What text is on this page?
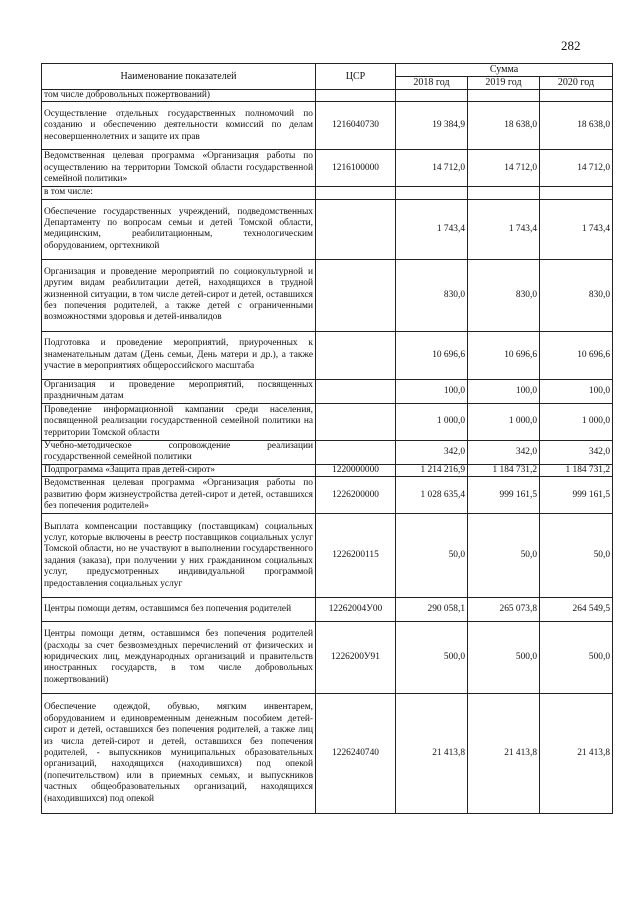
282
Наименование показателей	ЦСР	Сумма		
		2018 год	2019 год	2020 год
том числе добровольных пожертвований)				
Осуществление отдельных государственных полномочий по созданию и обеспечению деятельности комиссий по делам несовершеннолетних и защите их прав	1216040730	19 384,9	18 638,0	18 638,0
Ведомственная целевая программа «Организация работы по осуществлению на территории Томской области государственной семейной политики»	1216100000	14 712,0	14 712,0	14 712,0
в том числе:				
Обеспечение государственных учреждений, подведомственных Департаменту по вопросам семьи и детей Томской области, медицинским, реабилитационным, технологическим оборудованием, оргтехникой		1 743,4	1 743,4	1 743,4
Организация и проведение мероприятий по социокультурной и другим видам реабилитации детей, находящихся в трудной жизненной ситуации, в том числе детей-сирот и детей, оставшихся без попечения родителей, а также детей с ограниченными возможностями здоровья и детей-инвалидов		830,0	830,0	830,0
Подготовка и проведение мероприятий, приуроченных к знаменательным датам (День семьи, День матери и др.), а также участие в мероприятиях общероссийского масштаба		10 696,6	10 696,6	10 696,6
Организация и проведение мероприятий, посвященных праздничным датам		100,0	100,0	100,0
Проведение информационной кампании среди населения, посвященной реализации государственной семейной политики на территории Томской области		1 000,0	1 000,0	1 000,0
Учебно-методическое сопровождение реализации государственной семейной политики		342,0	342,0	342,0
Подпрограмма «Защита прав детей-сирот»	1220000000	1 214 216,9	1 184 731,2	1 184 731,2
Ведомственная целевая программа «Организация работы по развитию форм жизнеустройства детей-сирот и детей, оставшихся без попечения родителей»	1226200000	1 028 635,4	999 161,5	999 161,5
Выплата компенсации поставщику (поставщикам) социальных услуг, которые включены в реестр поставщиков социальных услуг Томской области, но не участвуют в выполнении государственного задания (заказа), при получении у них гражданином социальных услуг, предусмотренных индивидуальной программой предоставления социальных услуг	1226200115	50,0	50,0	50,0
Центры помощи детям, оставшимся без попечения родителей	12262004У00	290 058,1	265 073,8	264 549,5
Центры помощи детям, оставшимся без попечения родителей (расходы за счет безвозмездных перечислений от физических и юридических лиц, международных организаций и правительств иностранных государств, в том числе добровольных пожертвований)	1226200У91	500,0	500,0	500,0
Обеспечение одеждой, обувью, мягким инвентарем, оборудованием и единовременным денежным пособием детей-сирот и детей, оставшихся без попечения родителей, а также лиц из числа детей-сирот и детей, оставшихся без попечения родителей, - выпускников муниципальных образовательных организаций, находящихся (находившихся) под опекой (попечительством) или в приемных семьях, и выпускников частных общеобразовательных организаций, находящихся (находившихся) под опекой	1226240740	21 413,8	21 413,8	21 413,8
